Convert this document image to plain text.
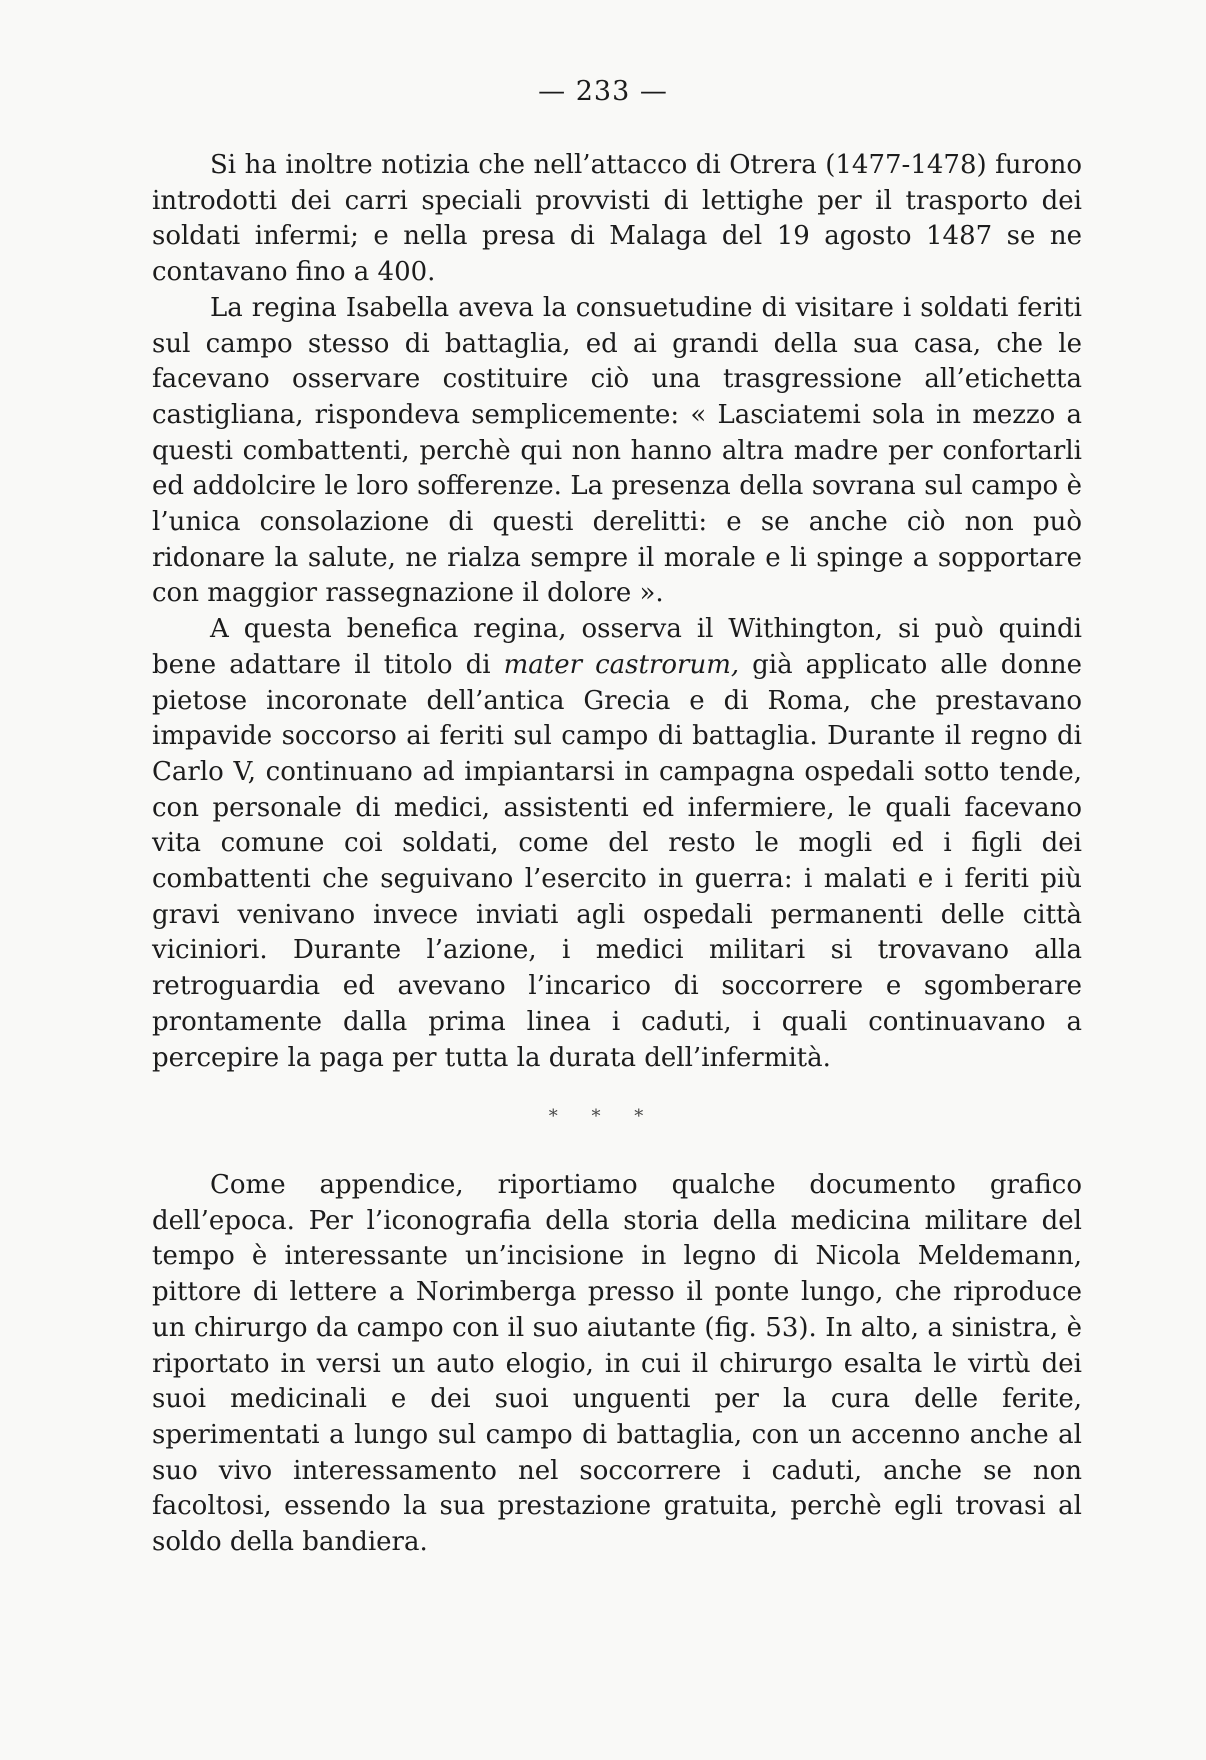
— 233 —

Si ha inoltre notizia che nell’attacco di Otrera (1477-1478) furono introdotti dei carri speciali provvisti di lettighe per il trasporto dei soldati infermi; e nella presa di Malaga del 19 agosto 1487 se ne contavano fino a 400.

La regina Isabella aveva la consuetudine di visitare i soldati feriti sul campo stesso di battaglia, ed ai grandi della sua casa, che le facevano osservare costituire ciò una trasgressione all’etichetta castigliana, rispondeva semplicemente: « Lasciatemi sola in mezzo a questi combattenti, perchè qui non hanno altra madre per confortarli ed addolcire le loro sofferenze. La presenza della sovrana sul campo è l’unica consolazione di questi derelitti: e se anche ciò non può ridonare la salute, ne rialza sempre il morale e li spinge a sopportare con maggior rassegnazione il dolore ».

A questa benefica regina, osserva il Withington, si può quindi bene adattare il titolo di mater castrorum, già applicato alle donne pietose incoronate dell’antica Grecia e di Roma, che prestavano impavide soccorso ai feriti sul campo di battaglia. Durante il regno di Carlo V, continuano ad impiantarsi in campagna ospedali sotto tende, con personale di medici, assistenti ed infermiere, le quali facevano vita comune coi soldati, come del resto le mogli ed i figli dei combattenti che seguivano l’esercito in guerra: i malati e i feriti più gravi venivano invece inviati agli ospedali permanenti delle città viciniori. Durante l’azione, i medici militari si trovavano alla retroguardia ed avevano l’incarico di soccorrere e sgomberare prontamente dalla prima linea i caduti, i quali continuavano a percepire la paga per tutta la durata dell’infermità.

* * *

Come appendice, riportiamo qualche documento grafico dell’epoca. Per l’iconografia della storia della medicina militare del tempo è interessante un’incisione in legno di Nicola Meldemann, pittore di lettere a Norimberga presso il ponte lungo, che riproduce un chirurgo da campo con il suo aiutante (fig. 53). In alto, a sinistra, è riportato in versi un auto elogio, in cui il chirurgo esalta le virtù dei suoi medicinali e dei suoi unguenti per la cura delle ferite, sperimentati a lungo sul campo di battaglia, con un accenno anche al suo vivo interessamento nel soccorrere i caduti, anche se non facoltosi, essendo la sua prestazione gratuita, perchè egli trovasi al soldo della bandiera.
